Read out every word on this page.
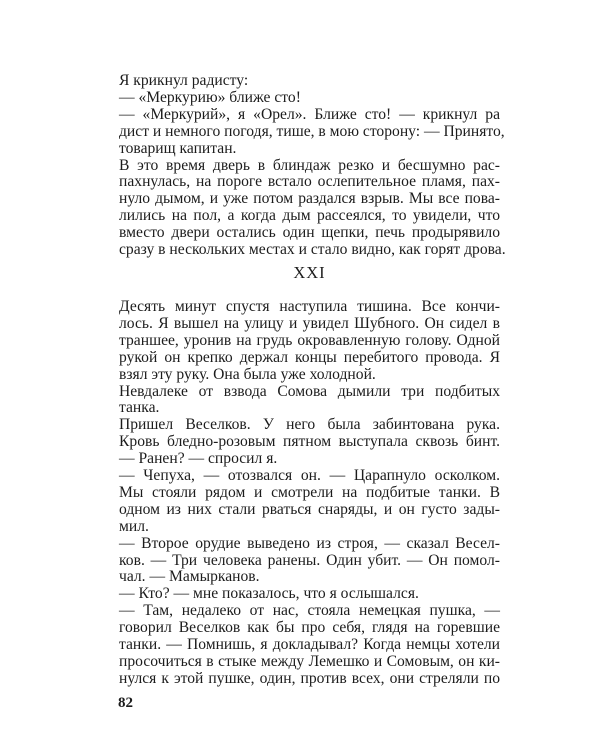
Я крикнул радисту:
— «Меркурию» ближе сто!
— «Меркурий», я «Орел». Ближе сто! — крикнул ра
дист и немного погодя, тише, в мою сторону: — Принято,
товарищ капитан.
В это время дверь в блиндаж резко и бесшумно рас-
пахнулась, на пороге встало ослепительное пламя, пах-
нуло дымом, и уже потом раздался взрыв. Мы все пова-
лились на пол, а когда дым рассеялся, то увидели, что
вместо двери остались один щепки, печь продырявило
сразу в нескольких местах и стало видно, как горят дрова.
XXI
Десять минут спустя наступила тишина. Все кончи-
лось. Я вышел на улицу и увидел Шубного. Он сидел в
траншее, уронив на грудь окровавленную голову. Одной
рукой он крепко держал концы перебитого провода. Я
взял эту руку. Она была уже холодной.
Невдалеке от взвода Сомова дымили три подбитых
танка.
Пришел Веселков. У него была забинтована рука.
Кровь бледно-розовым пятном выступала сквозь бинт.
— Ранен? — спросил я.
— Чепуха, — отозвался он. — Царапнуло осколком.
Мы стояли рядом и смотрели на подбитые танки. В
одном из них стали рваться снаряды, и он густо зады-
мил.
— Второе орудие выведено из строя, — сказал Весел-
ков. — Три человека ранены. Один убит. — Он помол-
чал. — Мамырканов.
— Кто? — мне показалось, что я ослышался.
— Там, недалеко от нас, стояла немецкая пушка, —
говорил Веселков как бы про себя, глядя на горевшие
танки. — Помнишь, я докладывал? Когда немцы хотели
просочиться в стыке между Лемешко и Сомовым, он ки-
нулся к этой пушке, один, против всех, они стреляли по
82
